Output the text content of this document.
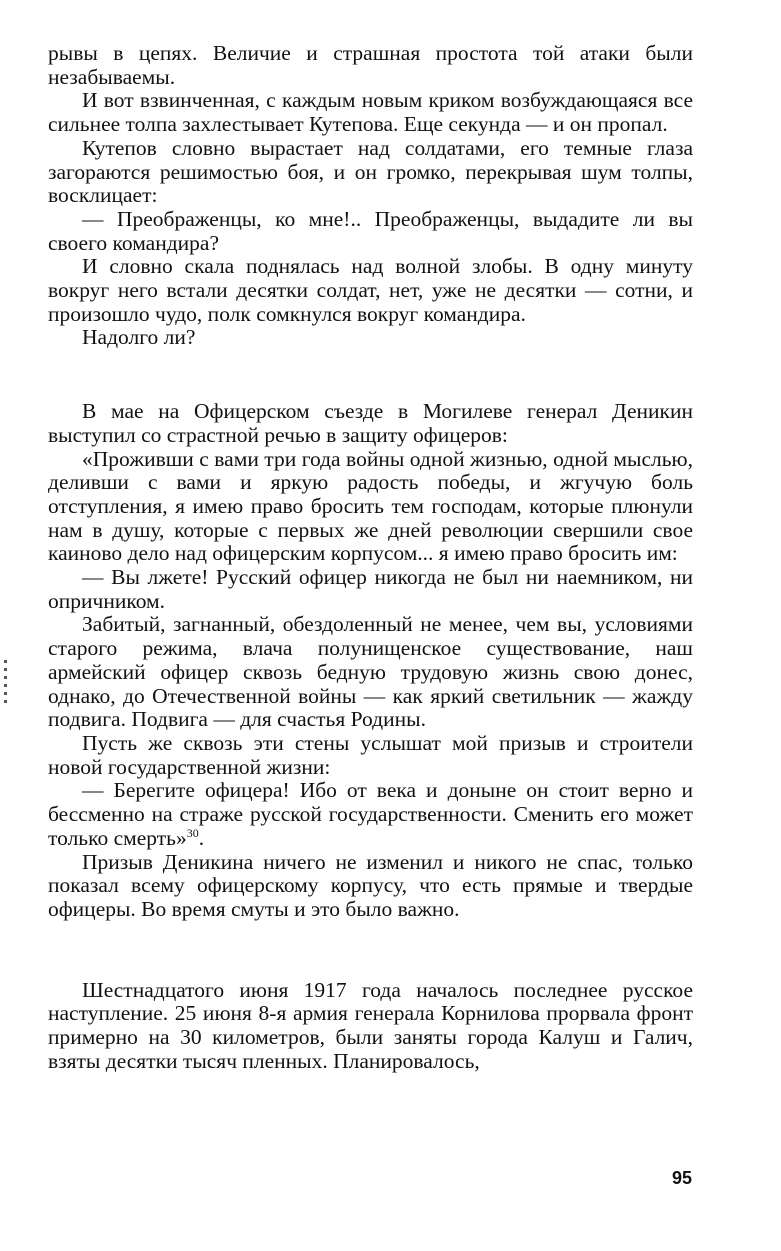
рывы в цепях. Величие и страшная простота той атаки были незабываемы.

И вот взвинченная, с каждым новым криком возбуждающаяся все сильнее толпа захлестывает Кутепова. Еще секунда — и он пропал.

Кутепов словно вырастает над солдатами, его темные глаза загораются решимостью боя, и он громко, перекрывая шум толпы, восклицает:

— Преображенцы, ко мне!.. Преображенцы, выдадите ли вы своего командира?

И словно скала поднялась над волной злобы. В одну минуту вокруг него встали десятки солдат, нет, уже не десятки — сотни, и произошло чудо, полк сомкнулся вокруг командира.

Надолго ли?

В мае на Офицерском съезде в Могилеве генерал Деникин выступил со страстной речью в защиту офицеров:

«Проживши с вами три года войны одной жизнью, одной мыслью, деливши с вами и яркую радость победы, и жгучую боль отступления, я имею право бросить тем господам, которые плюнули нам в душу, которые с первых же дней революции свершили свое каиново дело над офицерским корпусом... я имею право бросить им:

— Вы лжете! Русский офицер никогда не был ни наемником, ни опричником.

Забитый, загнанный, обездоленный не менее, чем вы, условиями старого режима, влача полунищенское существование, наш армейский офицер сквозь бедную трудовую жизнь свою донес, однако, до Отечественной войны — как яркий светильник — жажду подвига. Подвига — для счастья Родины.

Пусть же сквозь эти стены услышат мой призыв и строители новой государственной жизни:

— Берегите офицера! Ибо от века и доныне он стоит верно и бессменно на страже русской государственности. Сменить его может только смерть»$^{30}$.

Призыв Деникина ничего не изменил и никого не спас, только показал всему офицерскому корпусу, что есть прямые и твердые офицеры. Во время смуты и это было важно.

Шестнадцатого июня 1917 года началось последнее русское наступление. 25 июня 8-я армия генерала Корнилова прорвала фронт примерно на 30 километров, были заняты города Калуш и Галич, взяты десятки тысяч пленных. Планировалось,

95
